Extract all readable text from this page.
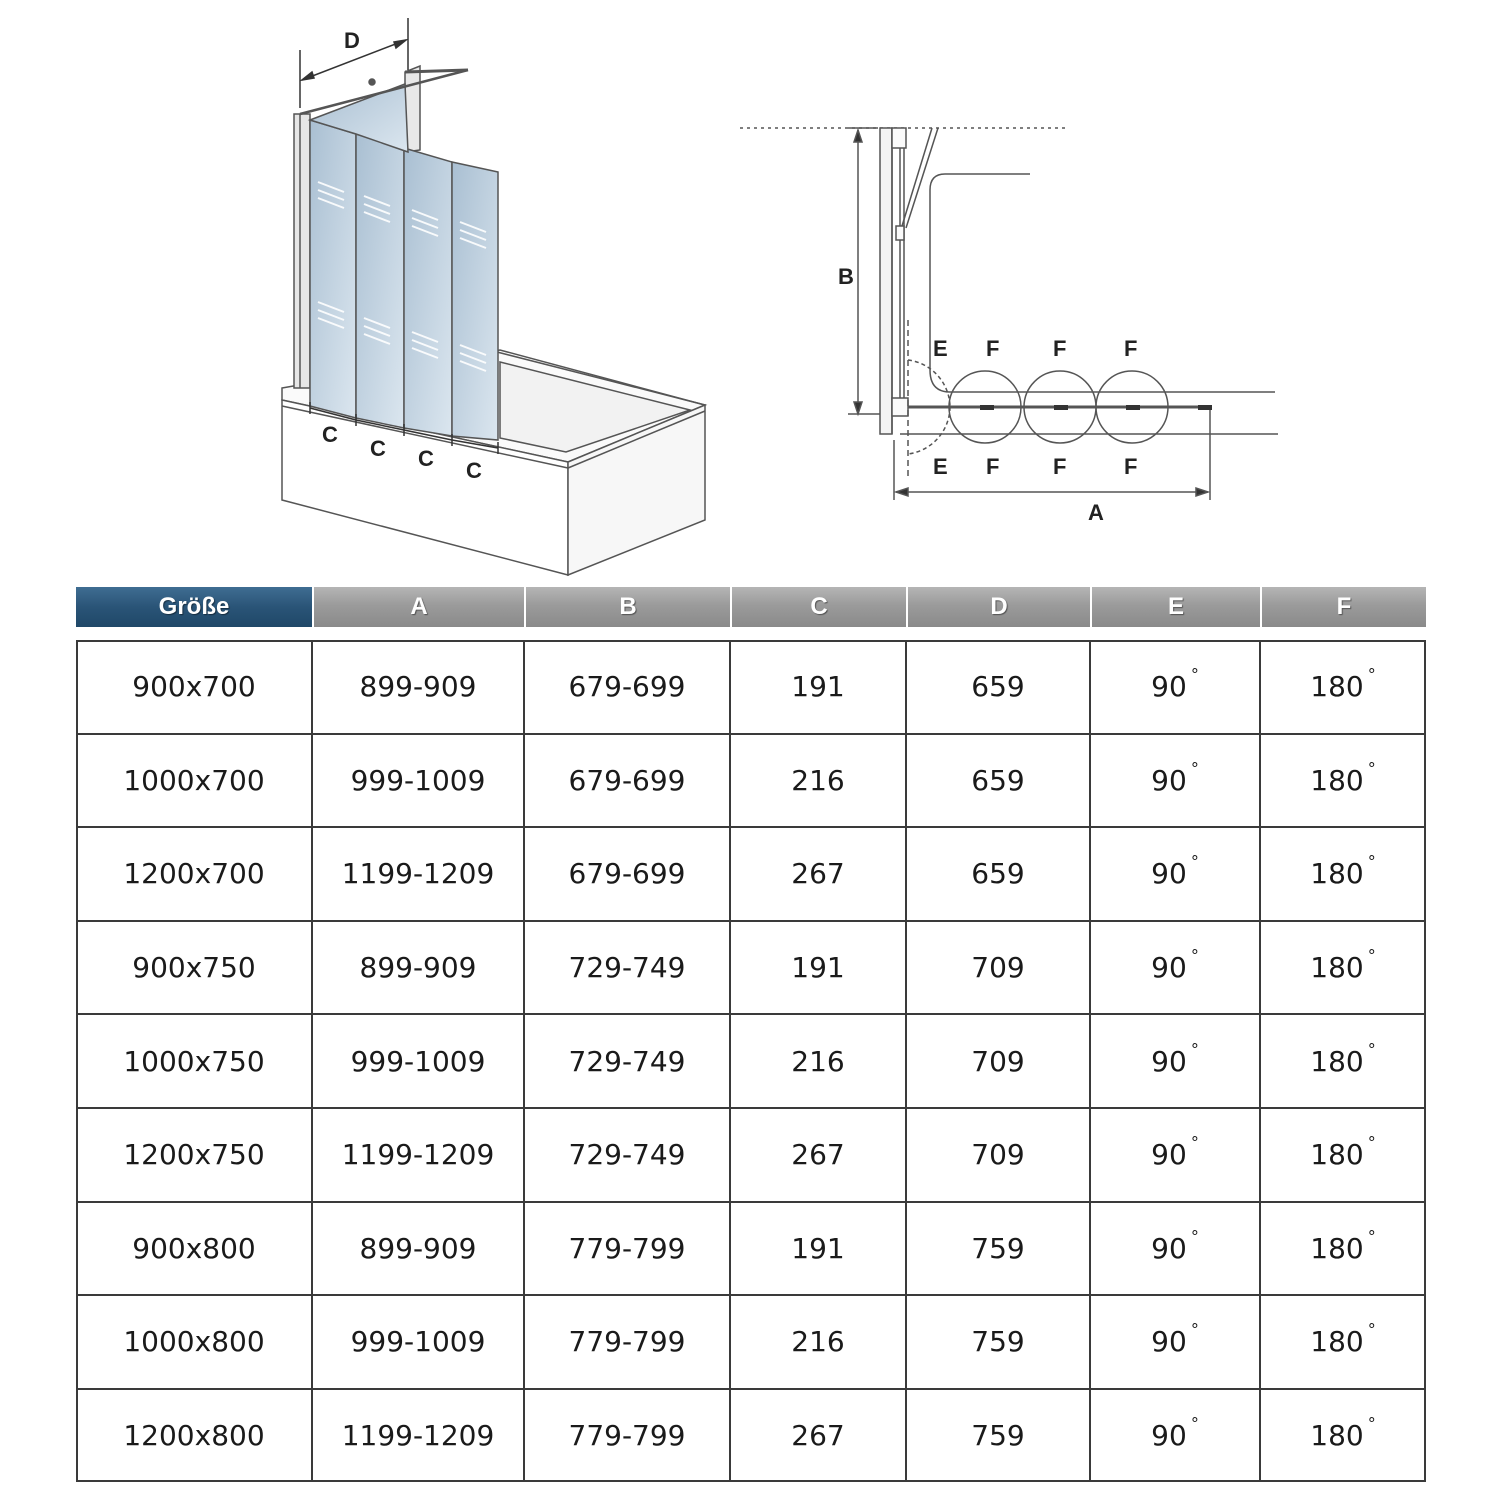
D
C
C C C
B
A
E
E
F F	F
F F	F
Größe	A	B	C	D	E	F
900x700	899-909	679-699	191	659	90 °	180 °
1000x700	999-1009	679-699	216	659	90 °	180 °
1200x700	1199-1209	679-699	267	659	90 °	180 °
900x750	899-909	729-749	191	709	90 °	180 °
1000x750	999-1009	729-749	216	709	90 °	180 °
1200x750	1199-1209	729-749	267	709	90 °	180 °
900x800	899-909	779-799	191	759	90 °	180 °
1000x800	999-1009	779-799	216	759	90 °	180 °
1200x800	1199-1209	779-799	267	759	90 °	180 °
